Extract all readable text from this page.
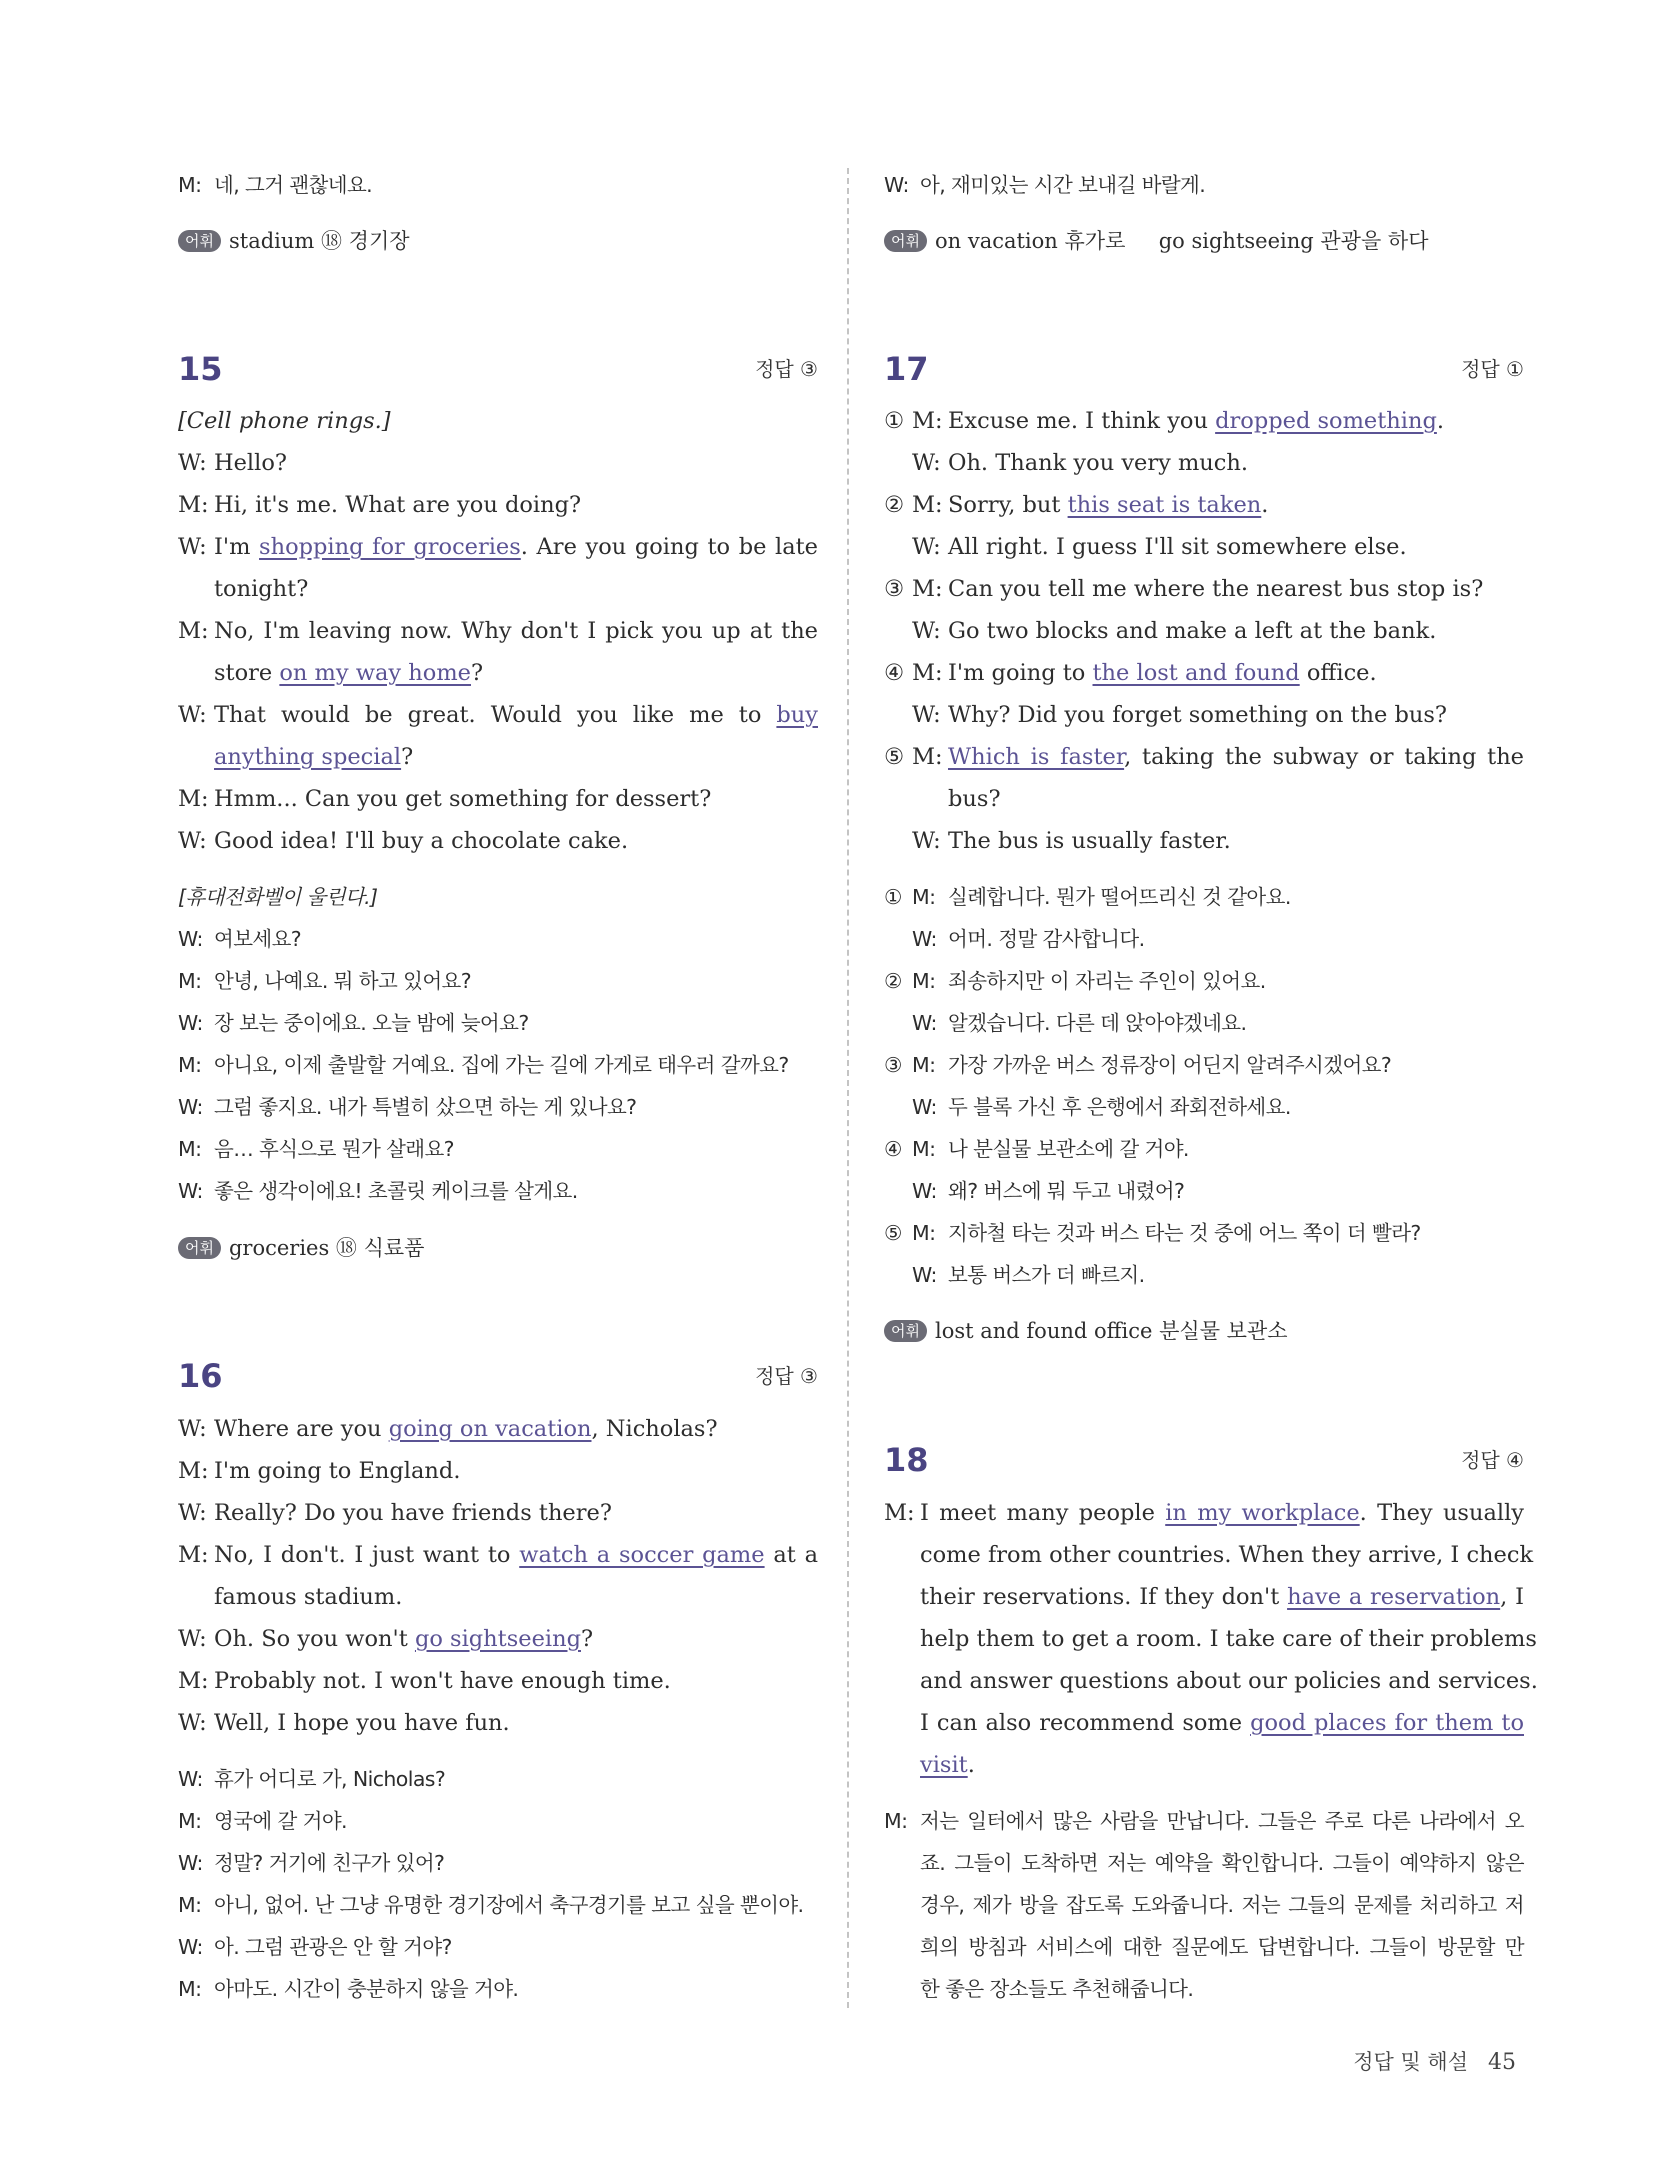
M: 네, 그거 괜찮네요.
어휘 stadium ⑱ 경기장
15	정답 ③
[Cell phone rings.]
W: Hello?
M: Hi, it's me. What are you doing?
W: I'm shopping for groceries. Are you going to be late
tonight?
M: No, I'm leaving now. Why don't I pick you up at the
store on my way home?
W: That would be great. Would you like me to buy
anything special?
M: Hmm... Can you get something for dessert?
W: Good idea! I'll buy a chocolate cake.
[휴대전화벨이 울린다.]
W: 여보세요?
M: 안녕, 나예요. 뭐 하고 있어요?
W: 장 보는 중이에요. 오늘 밤에 늦어요?
M: 아니요, 이제 출발할 거예요. 집에 가는 길에 가게로 태우러 갈까요?
W: 그럼 좋지요. 내가 특별히 샀으면 하는 게 있나요?
M: 음… 후식으로 뭔가 살래요?
W: 좋은 생각이에요! 초콜릿 케이크를 살게요.
어휘 groceries ⑱ 식료품
16	정답 ③
W: Where are you going on vacation, Nicholas?
M: I'm going to England.
W: Really? Do you have friends there?
M: No, I don't. I just want to watch a soccer game at a
famous stadium.
W: Oh. So you won't go sightseeing?
M: Probably not. I won't have enough time.
W: Well, I hope you have fun.
W: 휴가 어디로 가, Nicholas?
M: 영국에 갈 거야.
W: 정말? 거기에 친구가 있어?
M: 아니, 없어. 난 그냥 유명한 경기장에서 축구경기를 보고 싶을 뿐이야.
W: 아. 그럼 관광은 안 할 거야?
M: 아마도. 시간이 충분하지 않을 거야.
W: 아, 재미있는 시간 보내길 바랄게.
어휘 on vacation 휴가로     go sightseeing 관광을 하다
17	정답 ①
① M: Excuse me. I think you dropped something.
W: Oh. Thank you very much.
② M: Sorry, but this seat is taken.
W: All right. I guess I'll sit somewhere else.
③ M: Can you tell me where the nearest bus stop is?
W: Go two blocks and make a left at the bank.
④ M: I'm going to the lost and found office.
W: Why? Did you forget something on the bus?
⑤ M: Which is faster, taking the subway or taking the
bus?
W: The bus is usually faster.
① M: 실례합니다. 뭔가 떨어뜨리신 것 같아요.
W: 어머. 정말 감사합니다.
② M: 죄송하지만 이 자리는 주인이 있어요.
W: 알겠습니다. 다른 데 앉아야겠네요.
③ M: 가장 가까운 버스 정류장이 어딘지 알려주시겠어요?
W: 두 블록 가신 후 은행에서 좌회전하세요.
④ M: 나 분실물 보관소에 갈 거야.
W: 왜? 버스에 뭐 두고 내렸어?
⑤ M: 지하철 타는 것과 버스 타는 것 중에 어느 쪽이 더 빨라?
W: 보통 버스가 더 빠르지.
어휘 lost and found office 분실물 보관소
18	정답 ④
M: I meet many people in my workplace. They usually
come from other countries. When they arrive, I check
their reservations. If they don't have a reservation, I
help them to get a room. I take care of their problems
and answer questions about our policies and services.
I can also recommend some good places for them to
visit.
M: 저는 일터에서 많은 사람을 만납니다. 그들은 주로 다른 나라에서 오
죠. 그들이 도착하면 저는 예약을 확인합니다. 그들이 예약하지 않은
경우, 제가 방을 잡도록 도와줍니다. 저는 그들의 문제를 처리하고 저
희의 방침과 서비스에 대한 질문에도 답변합니다. 그들이 방문할 만
한 좋은 장소들도 추천해줍니다.
정답 및 해설 45
